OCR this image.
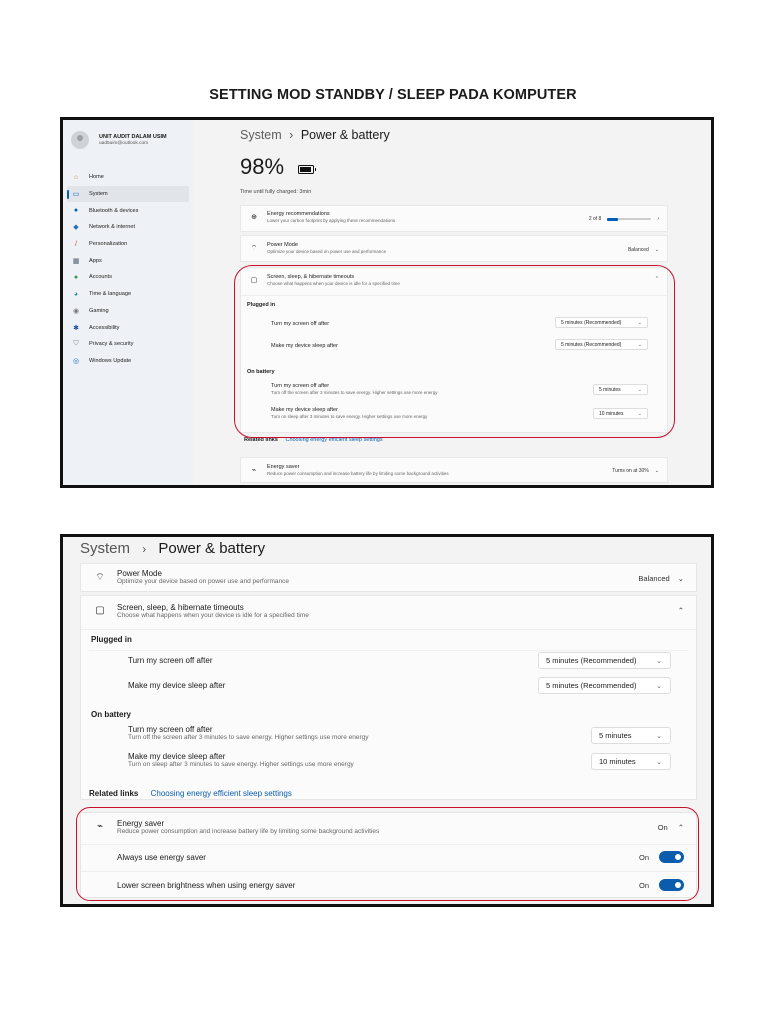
SETTING MOD STANDBY / SLEEP PADA KOMPUTER
UNIT AUDIT DALAM USIM
uad5uim@outlook.com
⌂	Home
▭	System
●	Bluetooth & devices
◆	Network & internet
/	Personalization
▦	Apps
●	Accounts
◕	Time & language
◉	Gaming
✱	Accessibility
⛉	Privacy & security
◎	Windows Update
System › Power & battery
98%
Time until fully charged: 3min
⊕
Energy recommendations
Lower your carbon footprint by applying these recommendations	2 of 8	›
⌔	Power Mode
Optimize your device based on power use and performance	Balanced ⌄
▢
Screen, sleep, & hibernate timeouts
Choose what happens when your device is idle for a specified time
⌃
Plugged in
Turn my screen off after	5 minutes (Recommended)	⌄
Make my device sleep after	5 minutes (Recommended)	⌄
On battery
Turn my screen off after
Turn off the screen after 3 minutes to save energy. Higher settings use more energy	5 minutes	⌄
Make my device sleep after
Turn on sleep after 3 minutes to save energy. Higher settings use more energy	10 minutes	⌄
Related links Choosing energy efficient sleep settings
⌁
Energy saver
Reduce power consumption and increase battery life by limiting some background activities	Turns on at 30% ⌄
System › Power & battery
⌔	Power Mode
Optimize your device based on power use and performance	Balanced ⌄
▢	Screen, sleep, & hibernate timeouts
Choose what happens when your device is idle for a specified time
⌃
Plugged in
Turn my screen off after	5 minutes (Recommended)	⌄
Make my device sleep after	5 minutes (Recommended)	⌄
On battery
Turn my screen off after
Turn off the screen after 3 minutes to save energy. Higher settings use more energy	5 minutes	⌄
Make my device sleep after
Turn on sleep after 3 minutes to save energy. Higher settings use more energy	10 minutes	⌄
Related links Choosing energy efficient sleep settings
⌁	Energy saver
Reduce power consumption and increase battery life by limiting some background activities	On ⌃
Always use energy saver	On
Lower screen brightness when using energy saver	On
